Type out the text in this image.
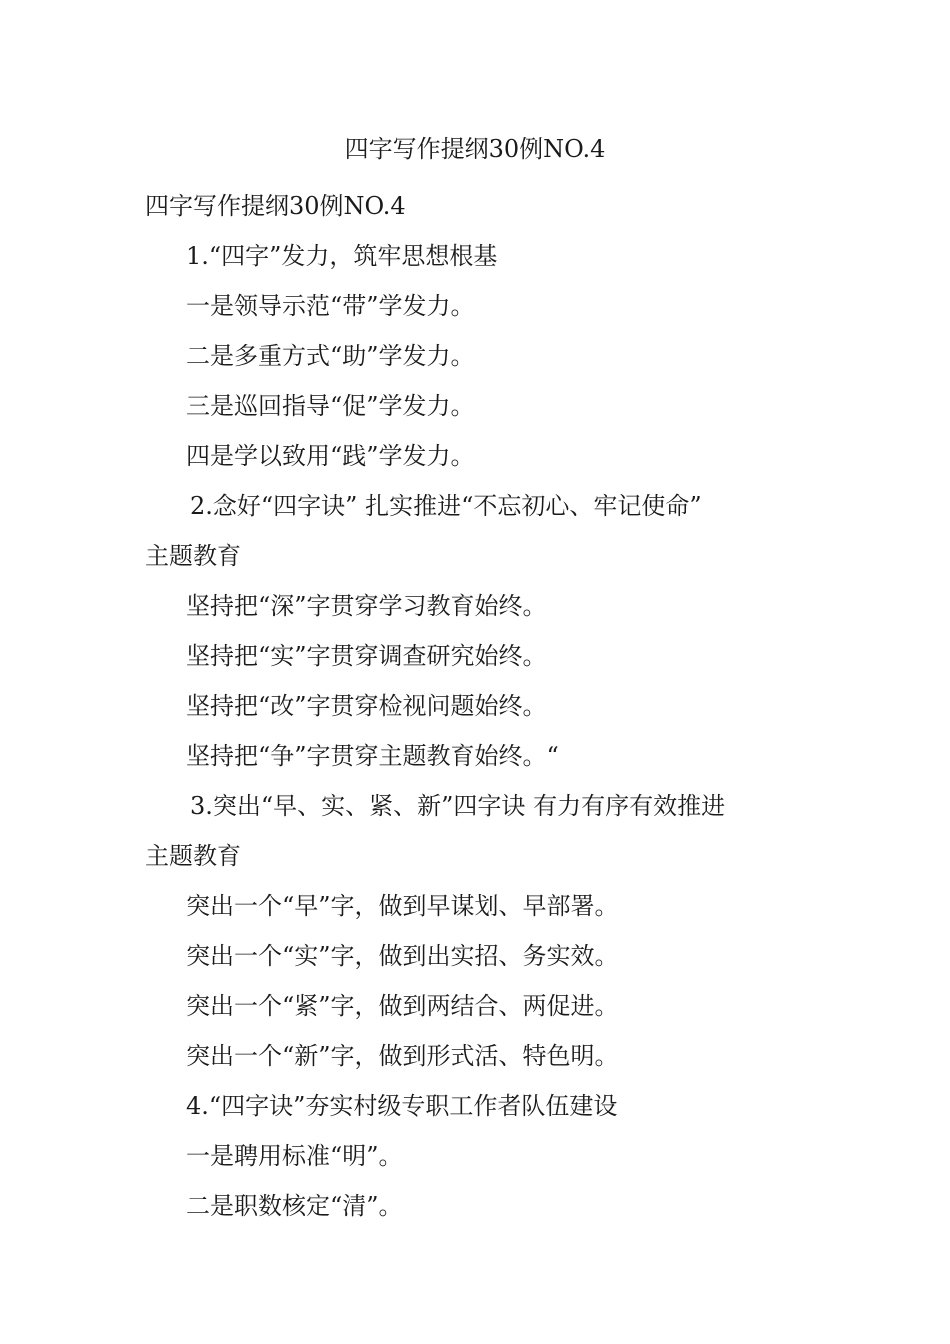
四字写作提纲30例NO.4
四字写作提纲30例NO.4
1.“四字”发力，筑牢思想根基
一是领导示范“带”学发力。
二是多重方式“助”学发力。
三是巡回指导“促”学发力。
四是学以致用“践”学发力。
2.念好“四字诀” 扎实推进“不忘初心、牢记使命”
主题教育
坚持把“深”字贯穿学习教育始终。
坚持把“实”字贯穿调查研究始终。
坚持把“改”字贯穿检视问题始终。
坚持把“争”字贯穿主题教育始终。“
3.突出“早、实、紧、新”四字诀 有力有序有效推进
主题教育
突出一个“早”字，做到早谋划、早部署。
突出一个“实”字，做到出实招、务实效。
突出一个“紧”字，做到两结合、两促进。
突出一个“新”字，做到形式活、特色明。
4.“四字诀”夯实村级专职工作者队伍建设
一是聘用标准“明”。
二是职数核定“清”。
